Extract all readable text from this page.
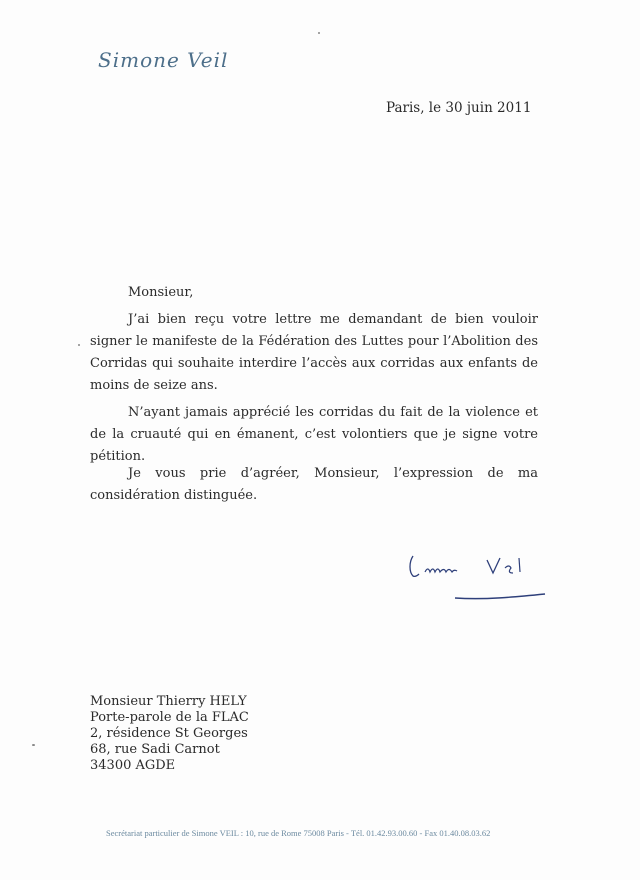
Simone Veil
Paris, le 30 juin 2011
Monsieur,
J’ai bien reçu votre lettre me demandant de bien vouloir signer le manifeste de la Fédération des Luttes pour l’Abolition des Corridas qui souhaite interdire l’accès aux corridas aux enfants de moins de seize ans.
N’ayant jamais apprécié les corridas du fait de la violence et de la cruauté qui en émanent, c’est volontiers que je signe votre pétition.
Je vous prie d’agréer, Monsieur, l’expression de ma considération distinguée.
Monsieur Thierry HELY
Porte-parole de la FLAC
2, résidence St Georges
68, rue Sadi Carnot
34300 AGDE
Secrétariat particulier de Simone VEIL : 10, rue de Rome 75008 Paris - Tél. 01.42.93.00.60 - Fax 01.40.08.03.62
